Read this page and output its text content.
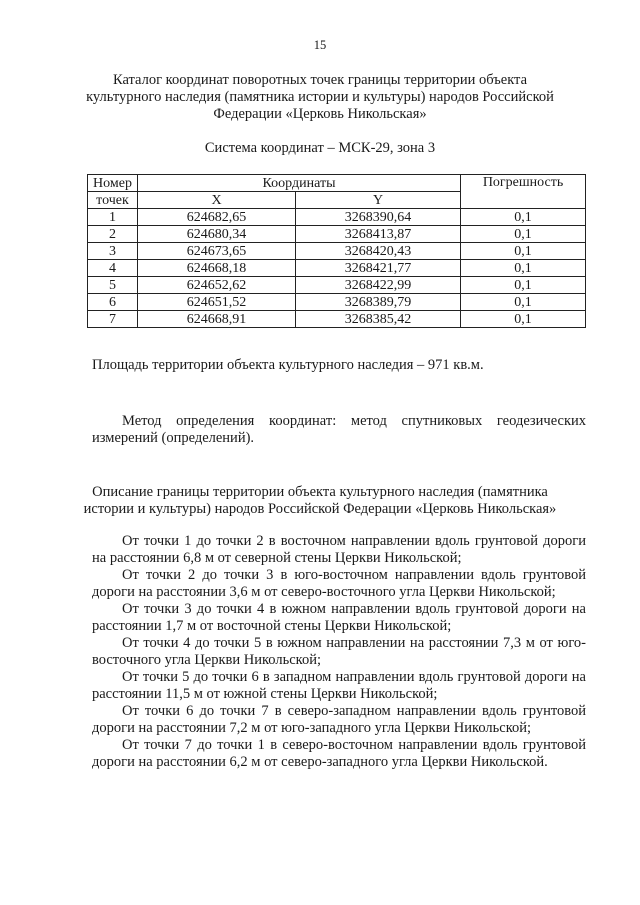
15
Каталог координат поворотных точек границы территории объекта
культурного наследия (памятника истории и культуры) народов Российской
Федерации «Церковь Никольская»
Система координат – МСК-29, зона 3
Номер	Координаты		Погрешность
точек	X	Y	
1	624682,65	3268390,64	0,1
2	624680,34	3268413,87	0,1
3	624673,65	3268420,43	0,1
4	624668,18	3268421,77	0,1
5	624652,62	3268422,99	0,1
6	624651,52	3268389,79	0,1
7	624668,91	3268385,42	0,1
Площадь территории объекта культурного наследия – 971 кв.м.
Метод определения координат: метод спутниковых геодезических измерений (определений).
Описание границы территории объекта культурного наследия (памятника
истории и культуры) народов Российской Федерации «Церковь Никольская»

От точки 1 до точки 2 в восточном направлении вдоль грунтовой дороги на расстоянии 6,8 м от северной стены Церкви Никольской;

От точки 2 до точки 3 в юго-восточном направлении вдоль грунтовой дороги на расстоянии 3,6 м от северо-восточного угла Церкви Никольской;

От точки 3 до точки 4 в южном направлении вдоль грунтовой дороги на расстоянии 1,7 м от восточной стены Церкви Никольской;

От точки 4 до точки 5 в южном направлении на расстоянии 7,3 м от юго-восточного угла Церкви Никольской;

От точки 5 до точки 6 в западном направлении вдоль грунтовой дороги на расстоянии 11,5 м от южной стены Церкви Никольской;

От точки 6 до точки 7 в северо-западном направлении вдоль грунтовой дороги на расстоянии 7,2 м от юго-западного угла Церкви Никольской;

От точки 7 до точки 1 в северо-восточном направлении вдоль грунтовой дороги на расстоянии 6,2 м от северо-западного угла Церкви Никольской.
